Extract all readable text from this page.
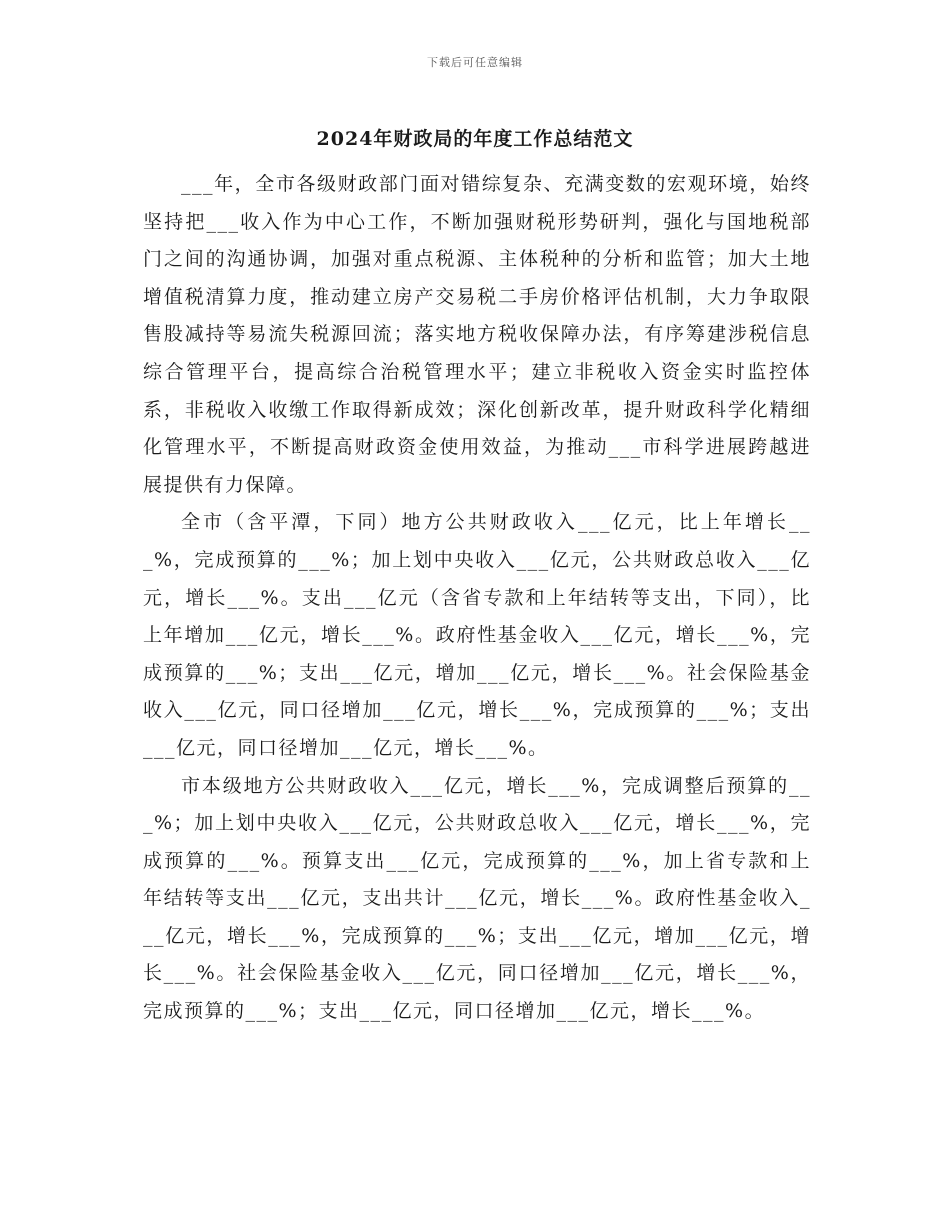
下载后可任意编辑
2024年财政局的年度工作总结范文

___年，全市各级财政部门面对错综复杂、充满变数的宏观环境，始终坚持把___收入作为中心工作，不断加强财税形势研判，强化与国地税部门之间的沟通协调，加强对重点税源、主体税种的分析和监管；加大土地增值税清算力度，推动建立房产交易税二手房价格评估机制，大力争取限售股减持等易流失税源回流；落实地方税收保障办法，有序筹建涉税信息综合管理平台，提高综合治税管理水平；建立非税收入资金实时监控体系，非税收入收缴工作取得新成效；深化创新改革，提升财政科学化精细化管理水平，不断提高财政资金使用效益，为推动___市科学进展跨越进展提供有力保障。

全市（含平潭，下同）地方公共财政收入___亿元，比上年增长___%，完成预算的___%；加上划中央收入___亿元，公共财政总收入___亿元，增长___%。支出___亿元（含省专款和上年结转等支出，下同），比上年增加___亿元，增长___%。政府性基金收入___亿元，增长___%，完成预算的___%；支出___亿元，增加___亿元，增长___%。社会保险基金收入___亿元，同口径增加___亿元，增长___%，完成预算的___%；支出___亿元，同口径增加___亿元，增长___%。

市本级地方公共财政收入___亿元，增长___%，完成调整后预算的___%；加上划中央收入___亿元，公共财政总收入___亿元，增长___%，完成预算的___%。预算支出___亿元，完成预算的___%，加上省专款和上年结转等支出___亿元，支出共计___亿元，增长___%。政府性基金收入___亿元，增长___%，完成预算的___%；支出___亿元，增加___亿元，增长___%。社会保险基金收入___亿元，同口径增加___亿元，增长___%，完成预算的___%；支出___亿元，同口径增加___亿元，增长___%。
